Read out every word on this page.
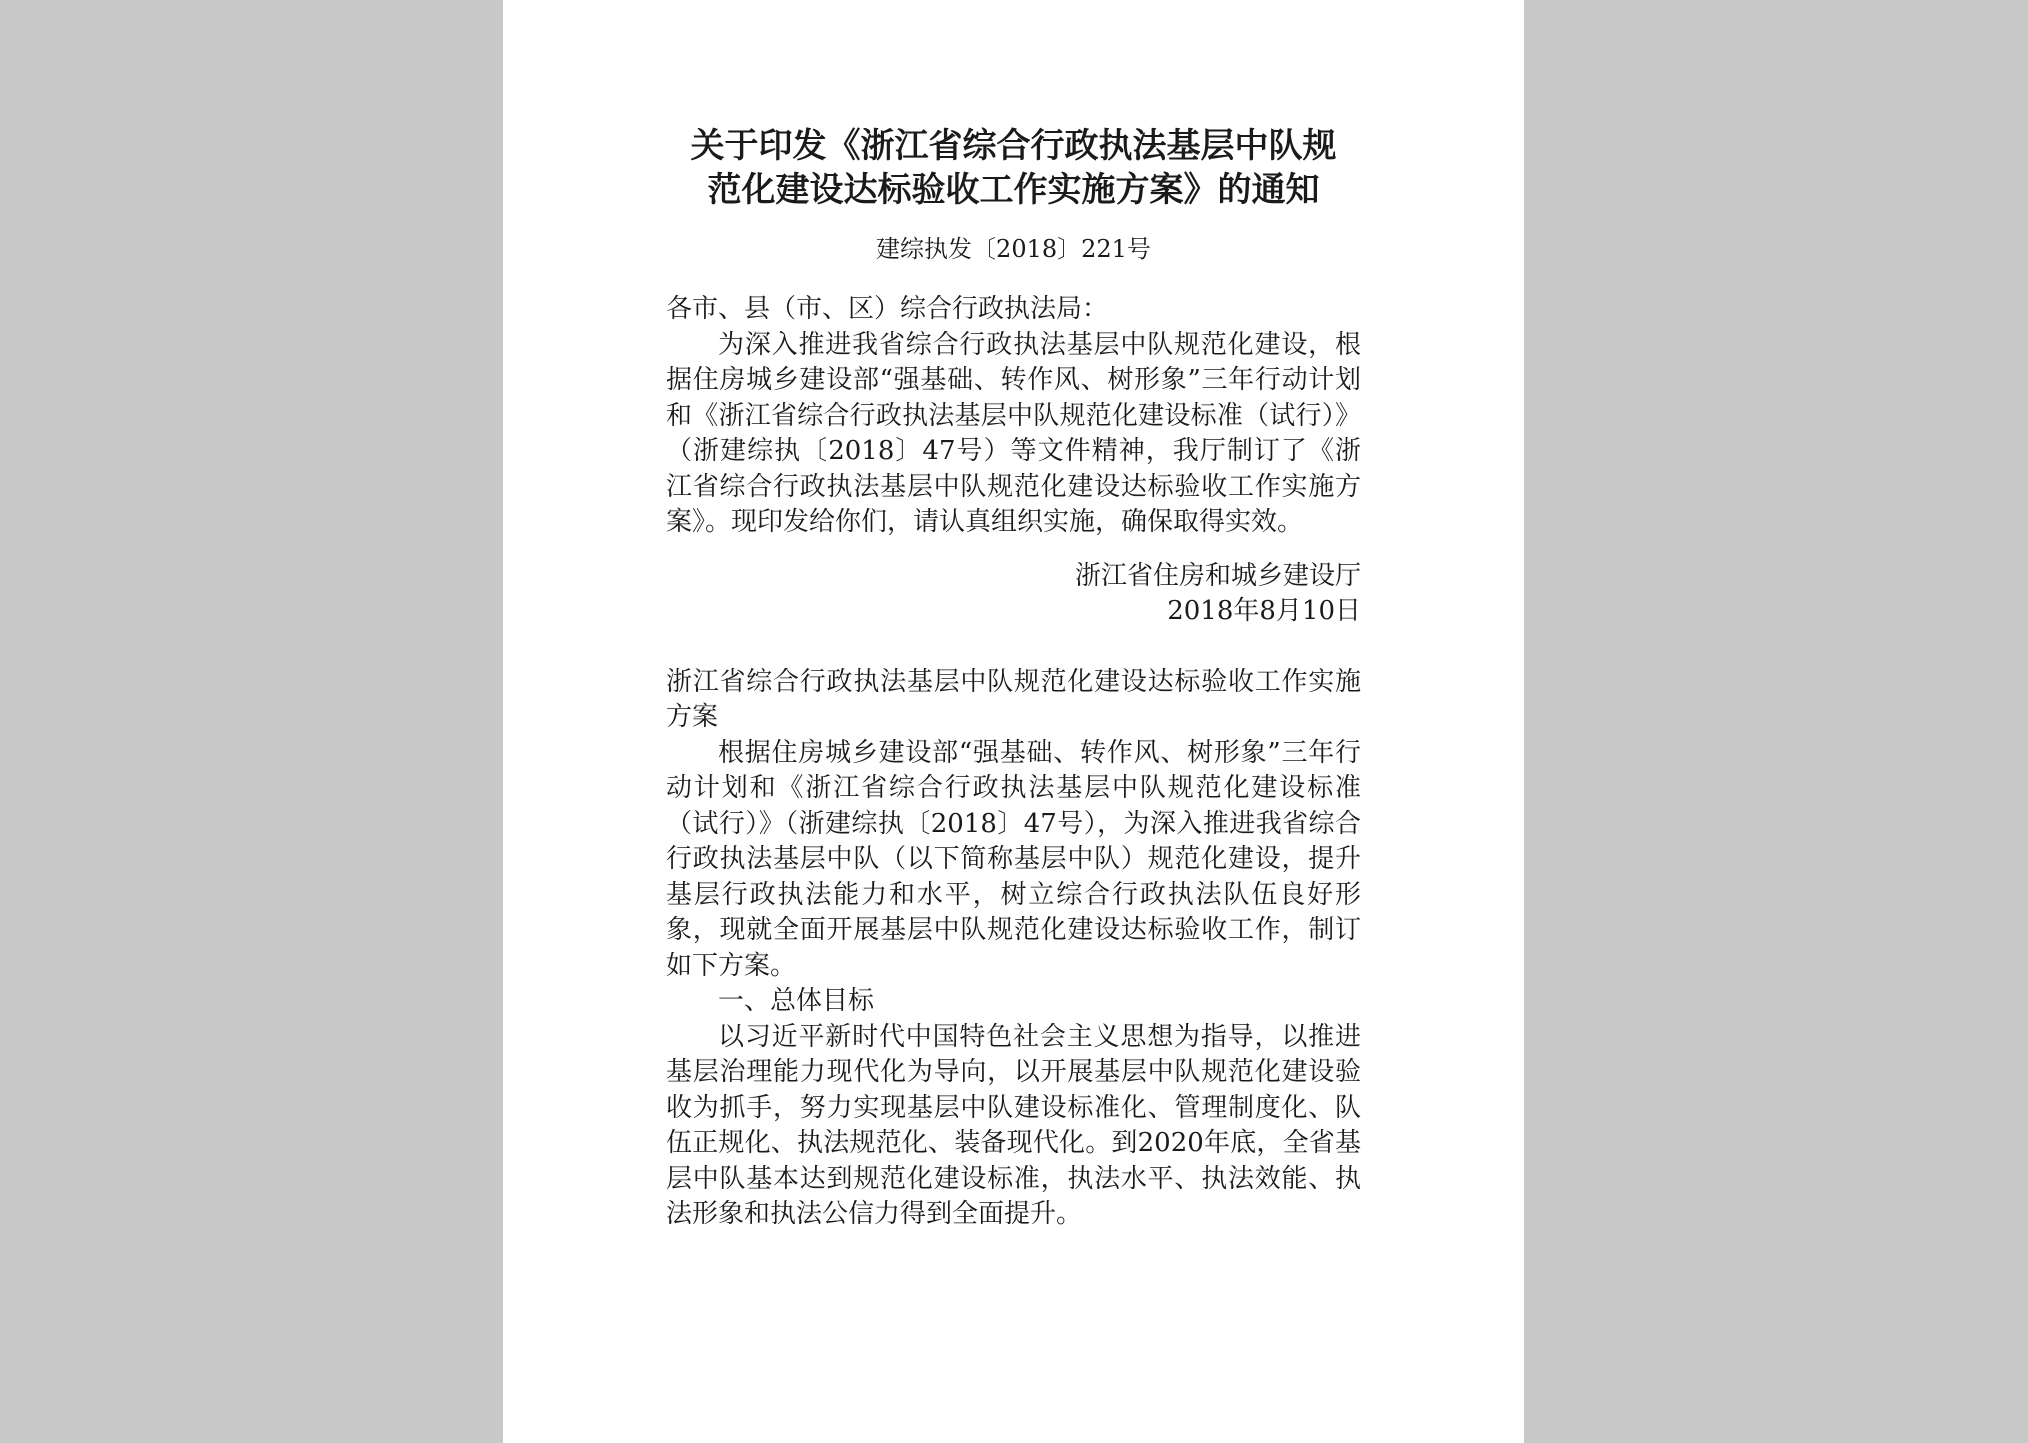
关于印发《浙江省综合行政执法基层中队规
范化建设达标验收工作实施方案》的通知
建综执发〔2018〕221号

各市、县（市、区）综合行政执法局：

为深入推进我省综合行政执法基层中队规范化建设，根据住房城乡建设部“强基础、转作风、树形象”三年行动计划和《浙江省综合行政执法基层中队规范化建设标准（试行）》（浙建综执〔2018〕47号）等文件精神，我厅制订了《浙江省综合行政执法基层中队规范化建设达标验收工作实施方案》。现印发给你们，请认真组织实施，确保取得实效。

浙江省住房和城乡建设厅

2018年8月10日

浙江省综合行政执法基层中队规范化建设达标验收工作实施方案

根据住房城乡建设部“强基础、转作风、树形象”三年行动计划和《浙江省综合行政执法基层中队规范化建设标准（试行）》（浙建综执〔2018〕47号），为深入推进我省综合行政执法基层中队（以下简称基层中队）规范化建设，提升基层行政执法能力和水平，树立综合行政执法队伍良好形象，现就全面开展基层中队规范化建设达标验收工作，制订如下方案。

一、总体目标

以习近平新时代中国特色社会主义思想为指导，以推进基层治理能力现代化为导向，以开展基层中队规范化建设验收为抓手，努力实现基层中队建设标准化、管理制度化、队伍正规化、执法规范化、装备现代化。到2020年底，全省基层中队基本达到规范化建设标准，执法水平、执法效能、执法形象和执法公信力得到全面提升。
